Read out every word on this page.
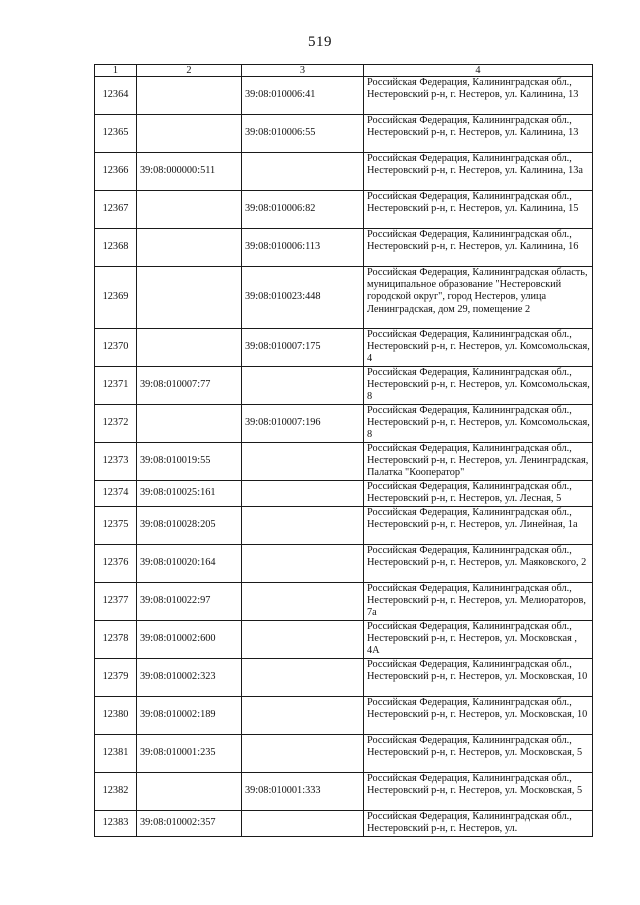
519
1	2	3	4
12364		39:08:010006:41	Российская Федерация, Калининградская обл., Нестеровский р-н, г. Нестеров, ул. Калинина, 13
12365		39:08:010006:55	Российская Федерация, Калининградская обл., Нестеровский р-н, г. Нестеров, ул. Калинина, 13
12366	39:08:000000:511		Российская Федерация, Калининградская обл., Нестеровский р-н, г. Нестеров, ул. Калинина, 13а
12367		39:08:010006:82	Российская Федерация, Калининградская обл., Нестеровский р-н, г. Нестеров, ул. Калинина, 15
12368		39:08:010006:113	Российская Федерация, Калининградская обл., Нестеровский р-н, г. Нестеров, ул. Калинина, 16
12369		39:08:010023:448	Российская Федерация, Калининградская область, муниципальное образование "Нестеровский городской округ", город Нестеров, улица Ленинградская, дом 29, помещение 2
12370		39:08:010007:175	Российская Федерация, Калининградская обл., Нестеровский р-н, г. Нестеров, ул. Комсомольская, 4
12371	39:08:010007:77		Российская Федерация, Калининградская обл., Нестеровский р-н, г. Нестеров, ул. Комсомольская, 8
12372		39:08:010007:196	Российская Федерация, Калининградская обл., Нестеровский р-н, г. Нестеров, ул. Комсомольская, 8
12373	39:08:010019:55		Российская Федерация, Калининградская обл., Нестеровский р-н, г. Нестеров, ул. Ленинградская, Палатка "Кооператор"
12374	39:08:010025:161		Российская Федерация, Калининградская обл., Нестеровский р-н, г. Нестеров, ул. Лесная, 5
12375	39:08:010028:205		Российская Федерация, Калининградская обл., Нестеровский р-н, г. Нестеров, ул. Линейная, 1а
12376	39:08:010020:164		Российская Федерация, Калининградская обл., Нестеровский р-н, г. Нестеров, ул. Маяковского, 2
12377	39:08:010022:97		Российская Федерация, Калининградская обл., Нестеровский р-н, г. Нестеров, ул. Мелиораторов, 7а
12378	39:08:010002:600		Российская Федерация, Калининградская обл., Нестеровский р-н, г. Нестеров, ул. Московская , 4А
12379	39:08:010002:323		Российская Федерация, Калининградская обл., Нестеровский р-н, г. Нестеров, ул. Московская, 10
12380	39:08:010002:189		Российская Федерация, Калининградская обл., Нестеровский р-н, г. Нестеров, ул. Московская, 10
12381	39:08:010001:235		Российская Федерация, Калининградская обл., Нестеровский р-н, г. Нестеров, ул. Московская, 5
12382		39:08:010001:333	Российская Федерация, Калининградская обл., Нестеровский р-н, г. Нестеров, ул. Московская, 5
12383	39:08:010002:357		Российская Федерация, Калининградская обл., Нестеровский р-н, г. Нестеров, ул.
